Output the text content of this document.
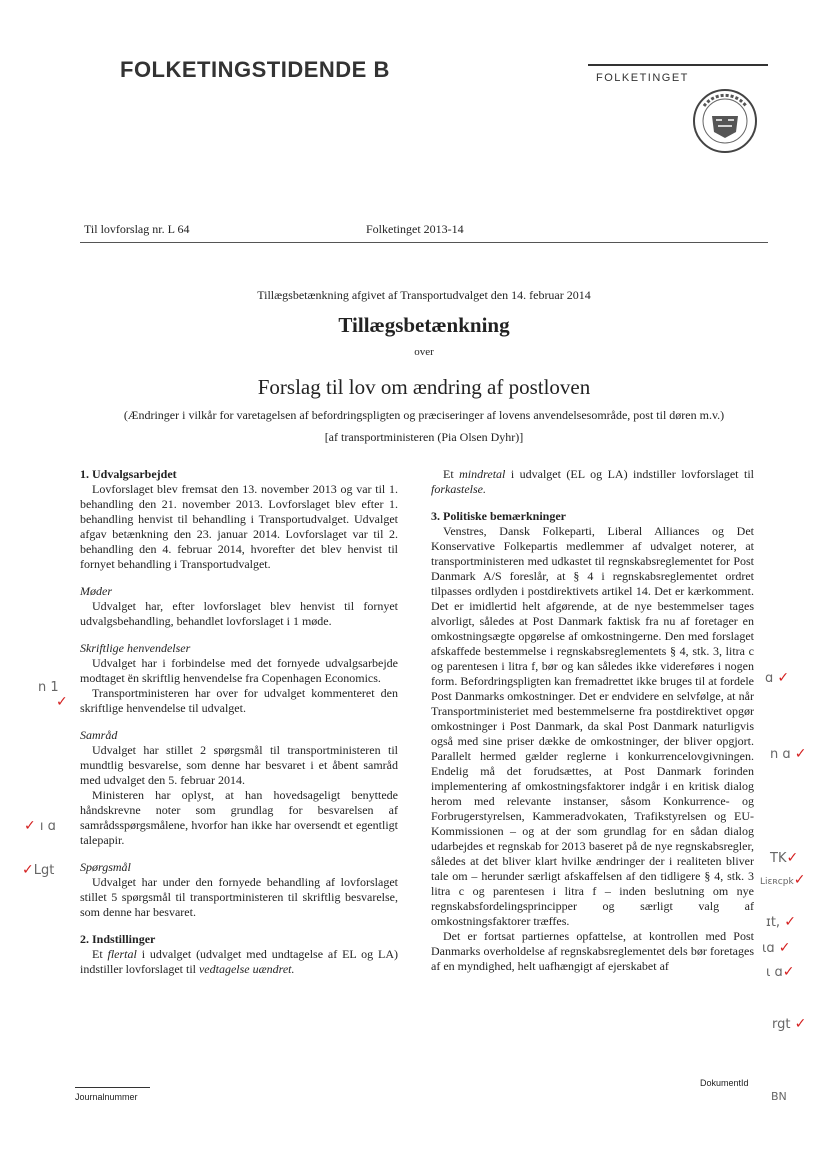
FOLKETINGSTIDENDE B	FOLKETINGET
Til lovforslag nr. L 64	Folketinget 2013-14
Tillægsbetænkning afgivet af Transportudvalget den 14. februar 2014
Tillægsbetænkning
over
Forslag til lov om ændring af postloven
(Ændringer i vilkår for varetagelsen af befordringspligten og præciseringer af lovens anvendelsesområde, post til døren m.v.)
[af transportministeren (Pia Olsen Dyhr)]
1. Udvalgsarbejdet

Lovforslaget blev fremsat den 13. november 2013 og var til 1. behandling den 21. november 2013. Lovforslaget blev efter 1. behandling henvist til behandling i Transportudvalget. Udvalget afgav betænkning den 23. januar 2014. Lovforslaget var til 2. behandling den 4. februar 2014, hvorefter det blev henvist til fornyet behandling i Transportudvalget.

Møder

Udvalget har, efter lovforslaget blev henvist til fornyet udvalgsbehandling, behandlet lovforslaget i 1 møde.

Skriftlige henvendelser

Udvalget har i forbindelse med det fornyede udvalgsarbejde modtaget ën skriftlig henvendelse fra Copenhagen Economics.

Transportministeren har over for udvalget kommenteret den skriftlige henvendelse til udvalget.

Samråd

Udvalget har stillet 2 spørgsmål til transportministeren til mundtlig besvarelse, som denne har besvaret i et åbent samråd med udvalget den 5. februar 2014.

Ministeren har oplyst, at han hovedsageligt benyttede håndskrevne noter som grundlag for besvarelsen af samrådsspørgsmålene, hvorfor han ikke har oversendt et egentligt talepapir.

Spørgsmål

Udvalget har under den fornyede behandling af lovforslaget stillet 5 spørgsmål til transportministeren til skriftlig besvarelse, som denne har besvaret.

2. Indstillinger

Et flertal i udvalget (udvalget med undtagelse af EL og LA) indstiller lovforslaget til vedtagelse uændret.

Et mindretal i udvalget (EL og LA) indstiller lovforslaget til forkastelse.

3. Politiske bemærkninger

Venstres, Dansk Folkeparti, Liberal Alliances og Det Konservative Folkepartis medlemmer af udvalget noterer, at transportministeren med udkastet til regnskabsreglementet for Post Danmark A/S foreslår, at § 4 i regnskabsreglementet ordret tilpasses ordlyden i postdirektivets artikel 14. Det er kærkomment. Det er imidlertid helt afgørende, at de nye bestemmelser tages alvorligt, således at Post Danmark faktisk fra nu af foretager en omkostningsægte opgørelse af omkostningerne. Den med forslaget afskaffede bestemmelse i regnskabsreglementets § 4, stk. 3, litra c og parentesen i litra f, bør og kan således ikke videreføres i nogen form. Befordringspligten kan fremadrettet ikke bruges til at fordele Post Danmarks omkostninger. Det er endvidere en selvfølge, at når Transportministeriet med bestemmelserne fra postdirektivet opgør omkostninger i Post Danmark, da skal Post Danmark naturligvis også med sine priser dække de omkostninger, der bliver opgjort. Parallelt hermed gælder reglerne i konkurrencelovgivningen. Endelig må det forudsættes, at Post Danmark forinden implementering af omkostningsfaktorer indgår i en kritisk dialog herom med relevante instanser, såsom Konkurrence- og Forbrugerstyrelsen, Kammeradvokaten, Trafikstyrelsen og EU-Kommissionen – og at der som grundlag for en sådan dialog udarbejdes et regnskab for 2013 baseret på de nye regnskabsregler, således at det bliver klart hvilke ændringer der i realiteten bliver tale om – herunder særligt afskaffelsen af den tidligere § 4, stk. 3 litra c og parentesen i litra f – inden beslutning om nye regnskabsfordelingsprincipper og særligt valg af omkostningsfaktorer træffes.

Det er fortsat partiernes opfattelse, at kontrollen med Post Danmarks overholdelse af regnskabsreglementet dels bør foretages af en myndighed, helt uafhængigt af ejerskabet af

n 1
✓
✓ ı ɑ
✓Lgt
ɑ ✓
n ɑ ✓
TK✓
Liɛʀcpk✓
ɪt, ✓
ιɑ ✓
ι ɑ✓
rgt ✓
BN
Journalnummer
DokumentId
